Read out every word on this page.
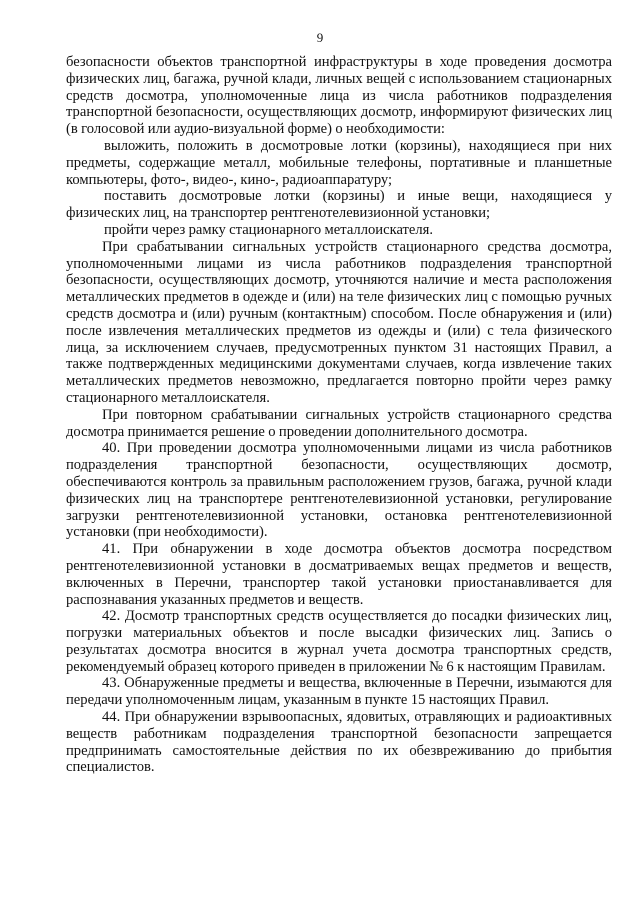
9

безопасности объектов транспортной инфраструктуры в ходе проведения досмотра физических лиц, багажа, ручной клади, личных вещей с использованием стационарных средств досмотра, уполномоченные лица из числа работников подразделения транспортной безопасности, осуществляющих досмотр, информируют физических лиц (в голосовой или аудио-визуальной форме) о необходимости:

выложить, положить в досмотровые лотки (корзины), находящиеся при них предметы, содержащие металл, мобильные телефоны, портативные и планшетные компьютеры, фото-, видео-, кино-, радиоаппаратуру;

поставить досмотровые лотки (корзины) и иные вещи, находящиеся у физических лиц, на транспортер рентгенотелевизионной установки;

пройти через рамку стационарного металлоискателя.

При срабатывании сигнальных устройств стационарного средства досмотра, уполномоченными лицами из числа работников подразделения транспортной безопасности, осуществляющих досмотр, уточняются наличие и места расположения металлических предметов в одежде и (или) на теле физических лиц с помощью ручных средств досмотра и (или) ручным (контактным) способом. После обнаружения и (или) после извлечения металлических предметов из одежды и (или) с тела физического лица, за исключением случаев, предусмотренных пунктом 31 настоящих Правил, а также подтвержденных медицинскими документами случаев, когда извлечение таких металлических предметов невозможно, предлагается повторно пройти через рамку стационарного металлоискателя.

При повторном срабатывании сигнальных устройств стационарного средства досмотра принимается решение о проведении дополнительного досмотра.

40. При проведении досмотра уполномоченными лицами из числа работников подразделения транспортной безопасности, осуществляющих досмотр, обеспечиваются контроль за правильным расположением грузов, багажа, ручной клади физических лиц на транспортере рентгенотелевизионной установки, регулирование загрузки рентгенотелевизионной установки, остановка рентгенотелевизионной установки (при необходимости).

41. При обнаружении в ходе досмотра объектов досмотра посредством рентгенотелевизионной установки в досматриваемых вещах предметов и веществ, включенных в Перечни, транспортер такой установки приостанавливается для распознавания указанных предметов и веществ.

42. Досмотр транспортных средств осуществляется до посадки физических лиц, погрузки материальных объектов и после высадки физических лиц. Запись о результатах досмотра вносится в журнал учета досмотра транспортных средств, рекомендуемый образец которого приведен в приложении № 6 к настоящим Правилам.

43. Обнаруженные предметы и вещества, включенные в Перечни, изымаются для передачи уполномоченным лицам, указанным в пункте 15 настоящих Правил.

44. При обнаружении взрывоопасных, ядовитых, отравляющих и радиоактивных веществ работникам подразделения транспортной безопасности запрещается предпринимать самостоятельные действия по их обезвреживанию до прибытия специалистов.
